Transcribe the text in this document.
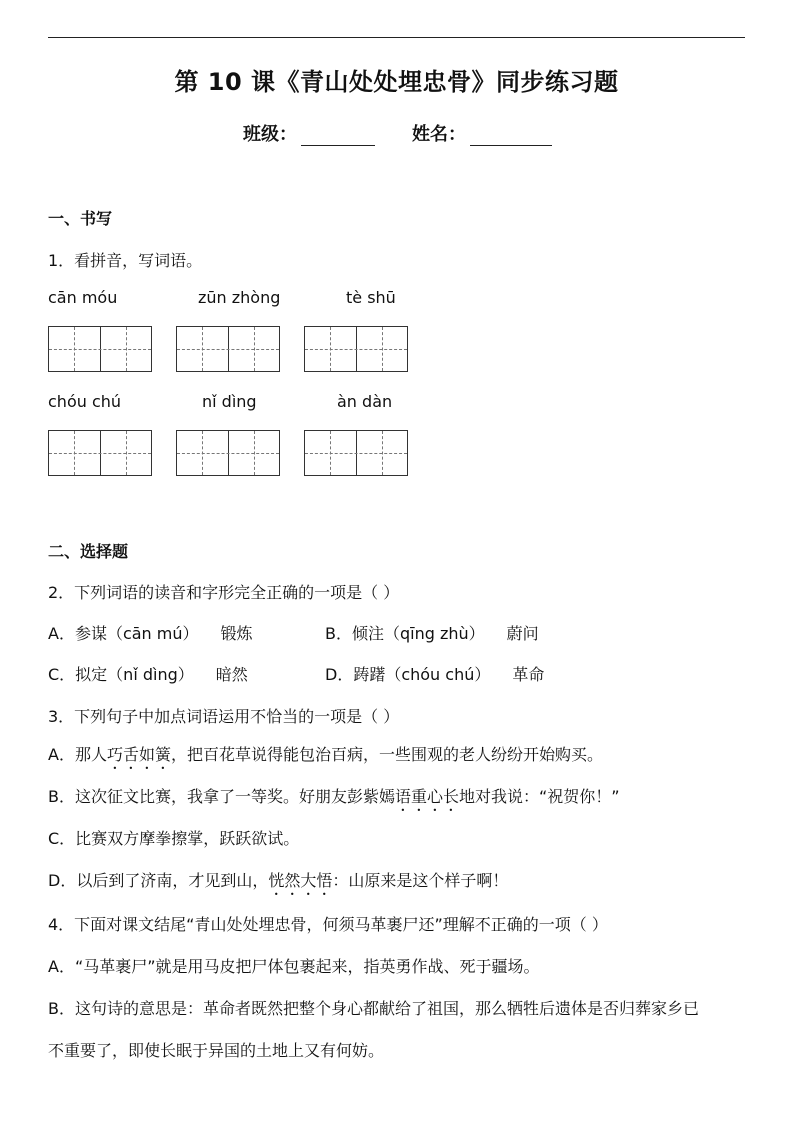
第 10 课《青山处处埋忠骨》同步练习题
班级：	姓名：
一、书写
1．看拼音，写词语。
cān móu	zūn zhòng	tè shū
chóu chú	nǐ dìng	àn dàn
二、选择题
2．下列词语的读音和字形完全正确的一项是（ ）
A．参谋（cān mú） 锻炼	B．倾注（qīng zhù） 蔚问
C．拟定（nǐ dìng） 暗然	D．踌躇（chóu chú） 革命
3．下列句子中加点词语运用不恰当的一项是（ ）
A．那人巧舌如簧，把百花草说得能包治百病，一些围观的老人纷纷开始购买。
B．这次征文比赛，我拿了一等奖。好朋友彭紫嫣语重心长地对我说：“祝贺你！”
C．比赛双方摩拳擦掌，跃跃欲试。
D．以后到了济南，才见到山，恍然大悟：山原来是这个样子啊！
4．下面对课文结尾“青山处处埋忠骨，何须马革裹尸还”理解不正确的一项（ ）
A．“马革裹尸”就是用马皮把尸体包裹起来，指英勇作战、死于疆场。
B．这句诗的意思是：革命者既然把整个身心都献给了祖国，那么牺牲后遗体是否归葬家乡已
不重要了，即使长眠于异国的土地上又有何妨。
